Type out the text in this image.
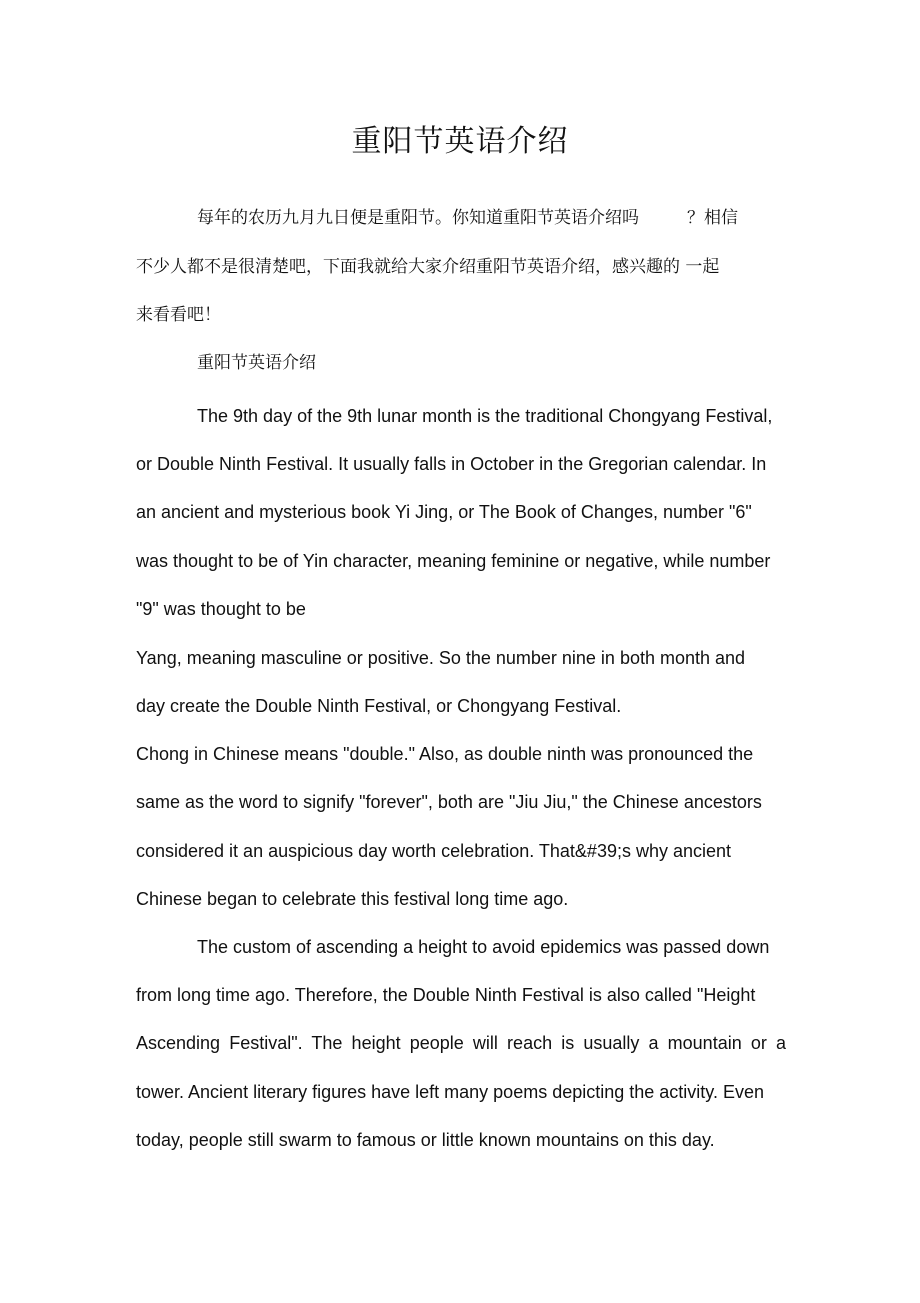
重阳节英语介绍

每年的农历九月九日便是重阳节。你知道重阳节英语介绍吗	？相信

不少人都不是很清楚吧，下面我就给大家介绍重阳节英语介绍，感兴趣的 一起

来看看吧！

重阳节英语介绍

The 9th day of the 9th lunar month is the traditional Chongyang Festival,

or Double Ninth Festival. It usually falls in October in the Gregorian calendar. In

an ancient and mysterious book Yi Jing, or The Book of Changes, number "6"

was thought to be of Yin character, meaning feminine or negative, while number

"9" was thought to be

Yang, meaning masculine or positive. So the number nine in both month and

day create the Double Ninth Festival, or Chongyang Festival.

Chong in Chinese means "double." Also, as double ninth was pronounced the

same as the word to signify "forever", both are "Jiu Jiu," the Chinese ancestors

considered it an auspicious day worth celebration. That&#39;s why ancient

Chinese began to celebrate this festival long time ago.

The custom of ascending a height to avoid epidemics was passed down

from long time ago. Therefore, the Double Ninth Festival is also called "Height

Ascending Festival". The height people will reach is usually a mountain or a

tower. Ancient literary figures have left many poems depicting the activity. Even

today, people still swarm to famous or little known mountains on this day.
